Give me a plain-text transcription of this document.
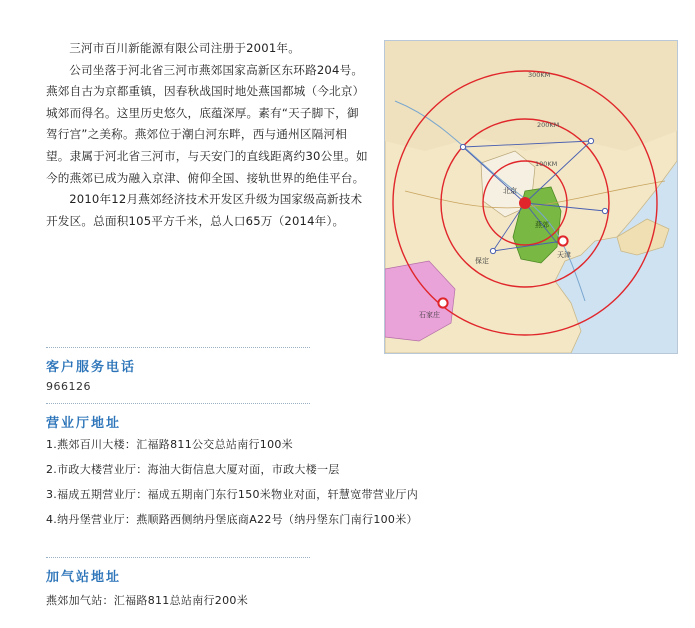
三河市百川新能源有限公司注册于2001年。

公司坐落于河北省三河市燕郊国家高新区东环路204号。燕郊自古为京都重镇，因春秋战国时地处燕国都城（今北京）城郊而得名。这里历史悠久，底蕴深厚。素有“天子脚下，御驾行宫”之美称。燕郊位于潮白河东畔，西与通州区隔河相望。隶属于河北省三河市，与天安门的直线距离约30公里。如今的燕郊已成为融入京津、俯仰全国、接轨世界的绝佳平台。

2010年12月燕郊经济技术开发区升级为国家级高新技术开发区。总面积105平方千米，总人口65万（2014年）。

300KM
200KM
100KM
北京
燕郊
天津
石家庄
保定
客户服务电话
966126
营业厅地址
1.燕郊百川大楼：汇福路811公交总站南行100米
2.市政大楼营业厅：海油大街信息大厦对面，市政大楼一层
3.福成五期营业厅：福成五期南门东行150米物业对面，轩慧宽带营业厅内
4.纳丹堡营业厅：燕顺路西侧纳丹堡底商A22号（纳丹堡东门南行100米）
加气站地址
燕郊加气站：汇福路811总站南行200米
